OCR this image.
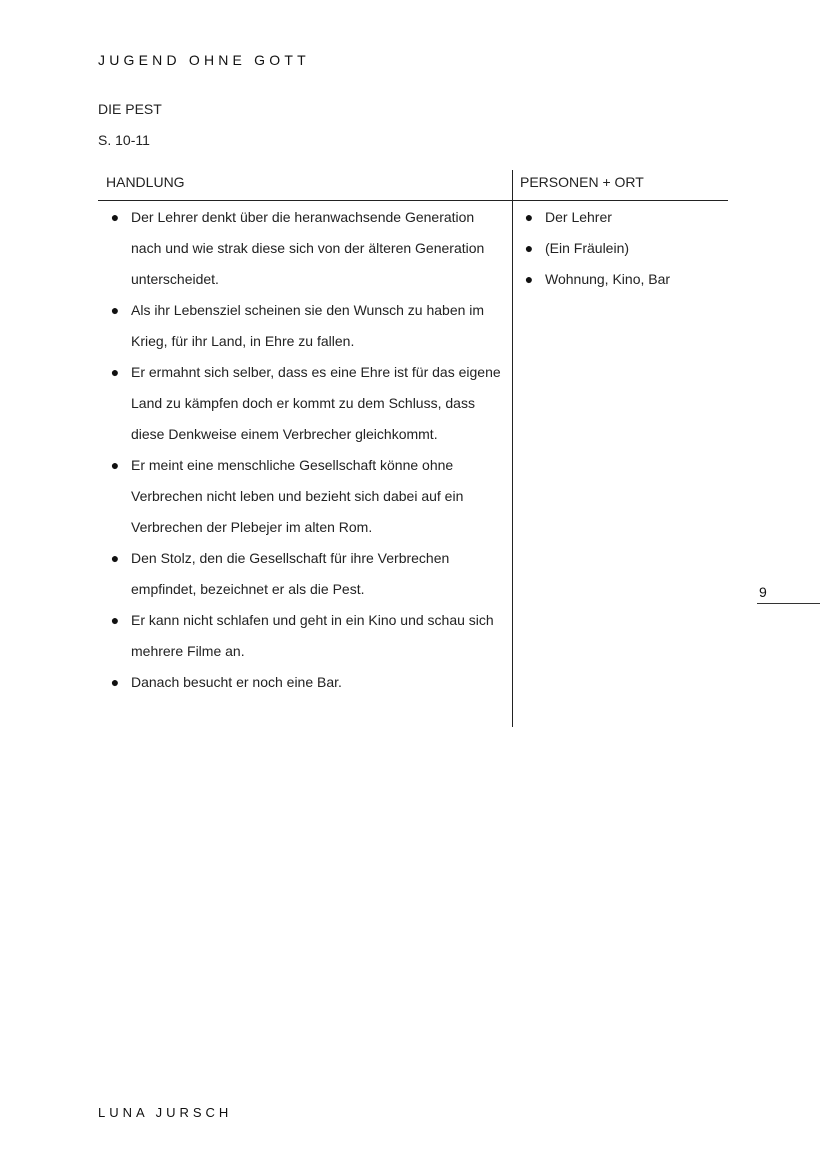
JUGEND OHNE GOTT
DIE PEST
S. 10-11
HANDLUNG	PERSONEN + ORT
● Der Lehrer denkt über die heranwachsende Generation nach und wie strak diese sich von der älteren Generation unterscheidet.
● Als ihr Lebensziel scheinen sie den Wunsch zu haben im Krieg, für ihr Land, in Ehre zu fallen.
● Er ermahnt sich selber, dass es eine Ehre ist für das eigene Land zu kämpfen doch er kommt zu dem Schluss, dass diese Denkweise einem Verbrecher gleichkommt.
● Er meint eine menschliche Gesellschaft könne ohne Verbrechen nicht leben und bezieht sich dabei auf ein Verbrechen der Plebejer im alten Rom.
● Den Stolz, den die Gesellschaft für ihre Verbrechen empfindet, bezeichnet er als die Pest.
● Er kann nicht schlafen und geht in ein Kino und schau sich mehrere Filme an.
● Danach besucht er noch eine Bar.
● Der Lehrer
● (Ein Fräulein)
● Wohnung, Kino, Bar
9
LUNA JURSCH
